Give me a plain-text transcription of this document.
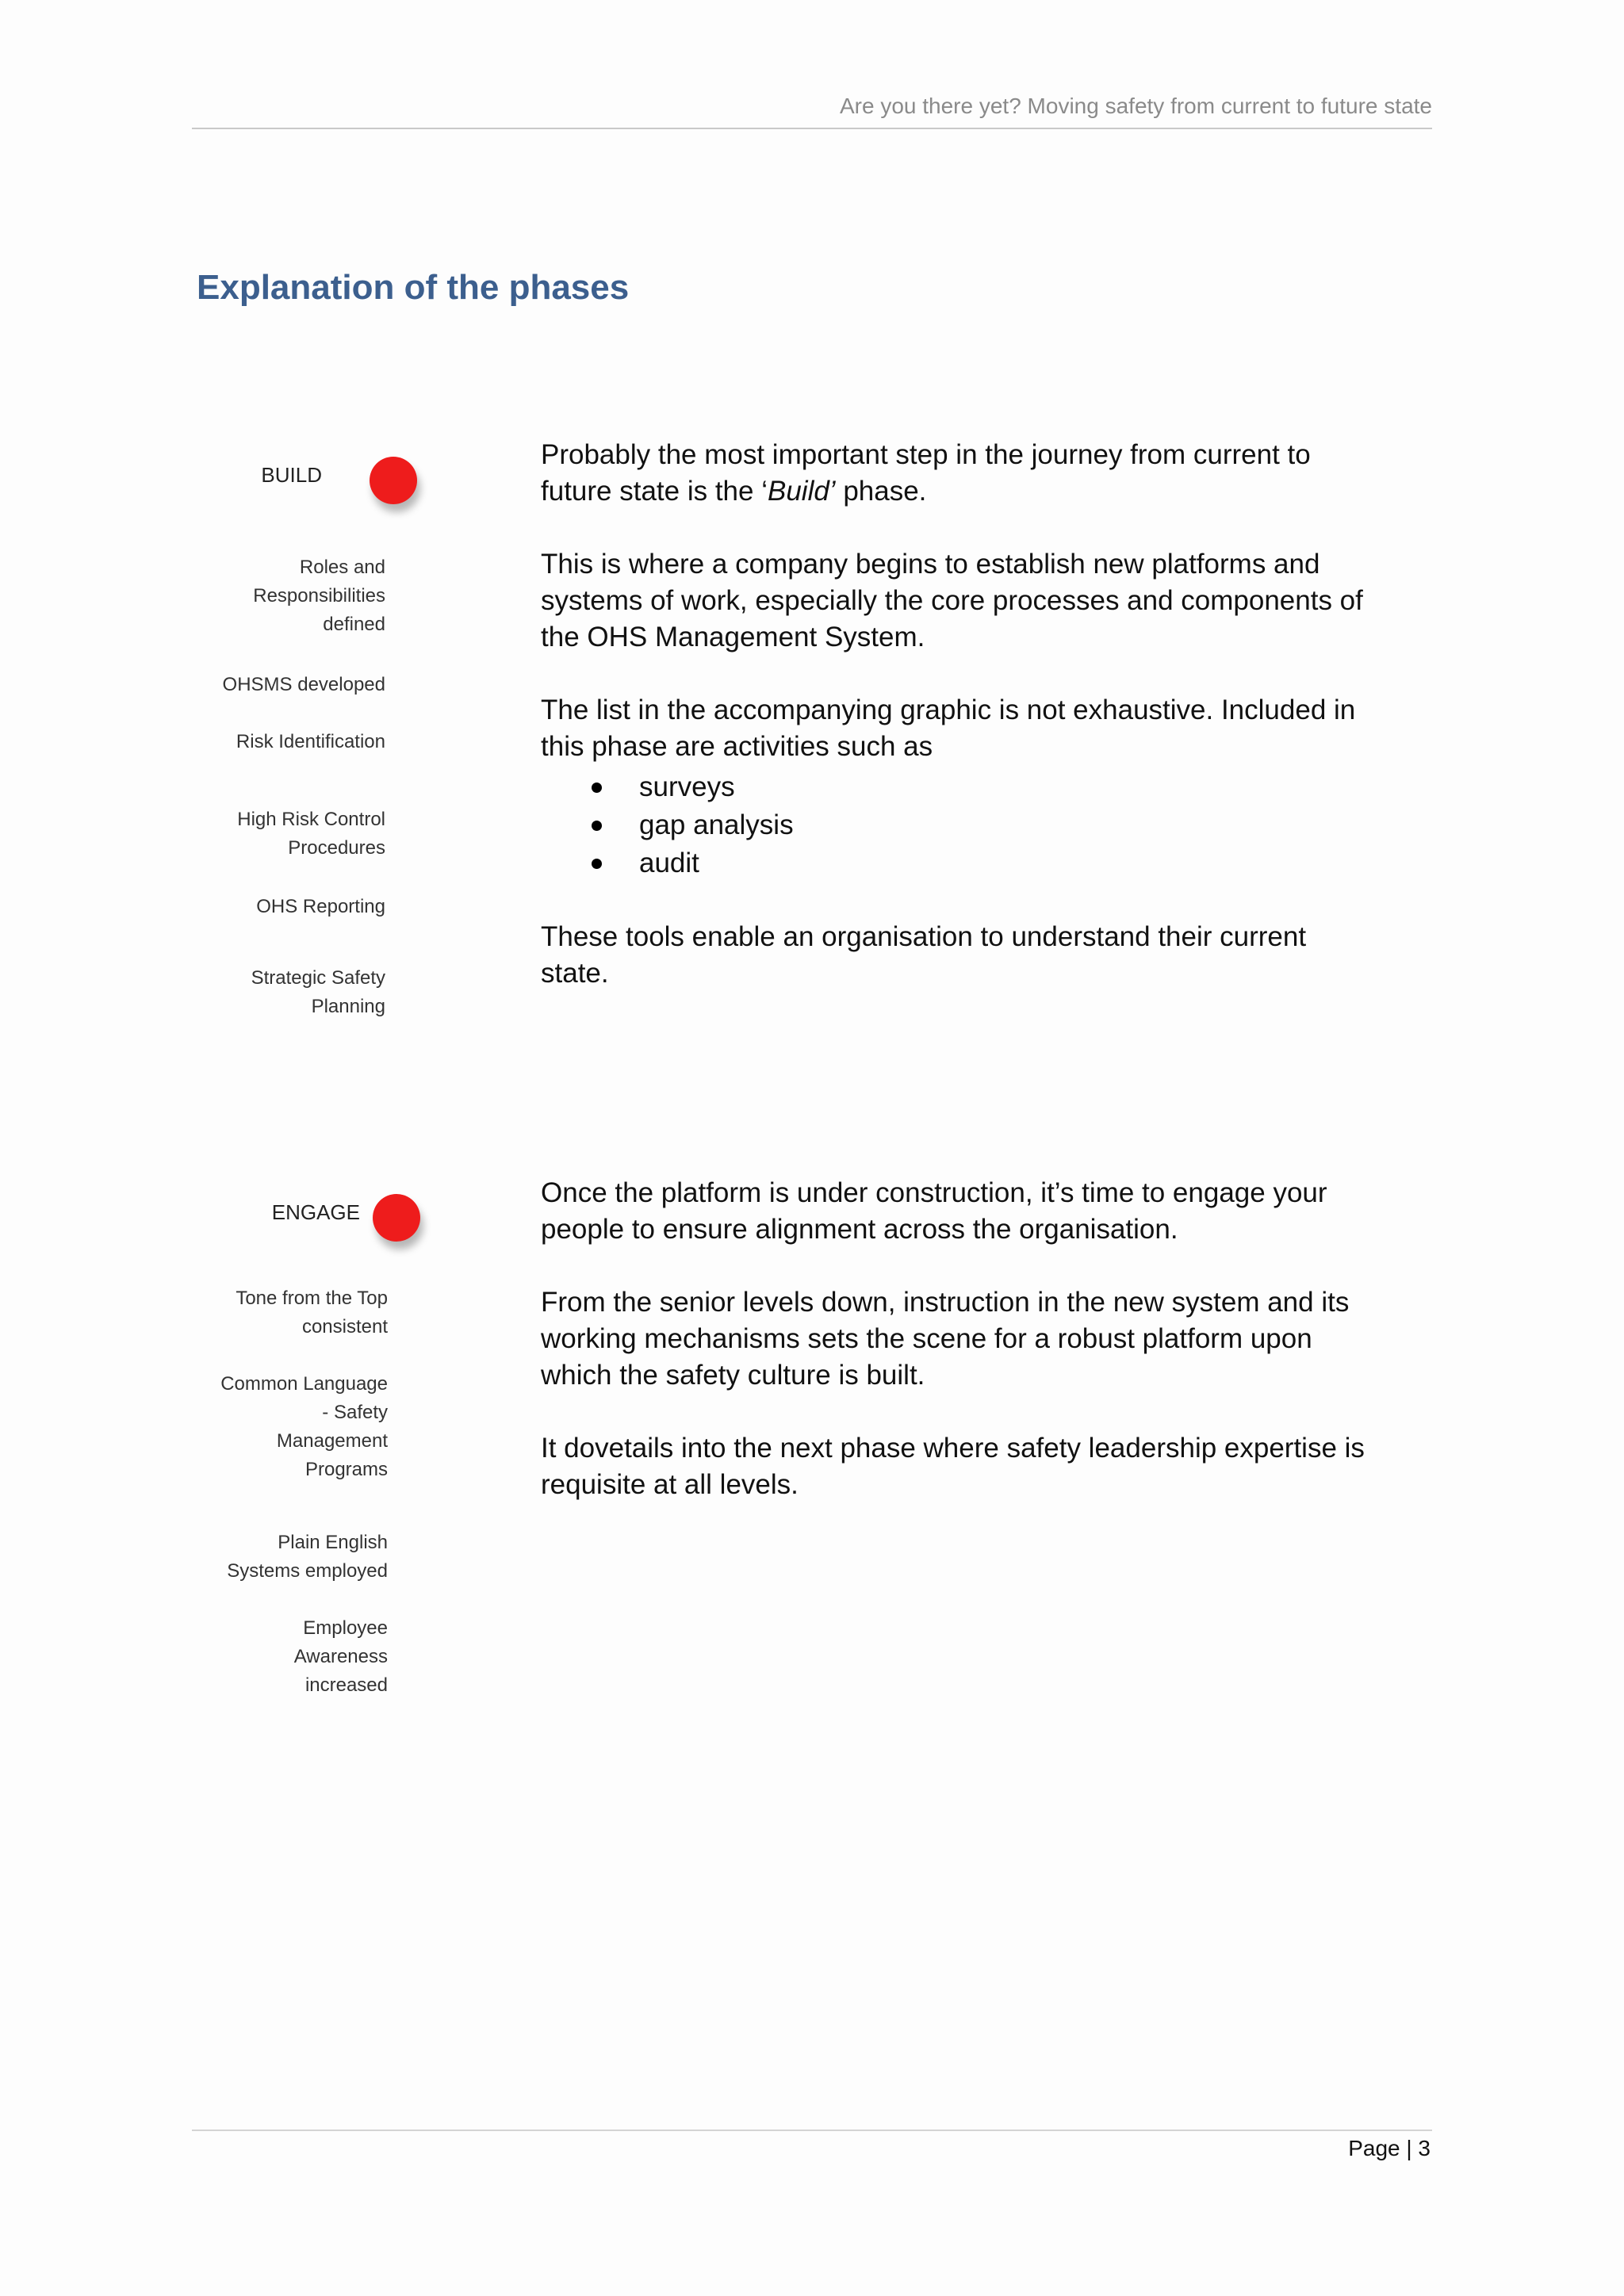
Are you there yet? Moving safety from current to future state
Explanation of the phases
BUILD
Roles and Responsibilities defined
OHSMS developed
Risk Identification
High Risk Control Procedures
OHS Reporting
Strategic Safety Planning

Probably the most important step in the journey from current to future state is the ‘Build’ phase.

This is where a company begins to establish new platforms and systems of work, especially the core processes and components of the OHS Management System.

The list in the accompanying graphic is not exhaustive. Included in this phase are activities such as

surveys
gap analysis
audit

These tools enable an organisation to understand their current state.

ENGAGE
Tone from the Top consistent
Common Language - Safety Management Programs
Plain English Systems employed
Employee Awareness increased

Once the platform is under construction, it’s time to engage your people to ensure alignment across the organisation.

From the senior levels down, instruction in the new system and its working mechanisms sets the scene for a robust platform upon which the safety culture is built.

It dovetails into the next phase where safety leadership expertise is requisite at all levels.

Page | 3
